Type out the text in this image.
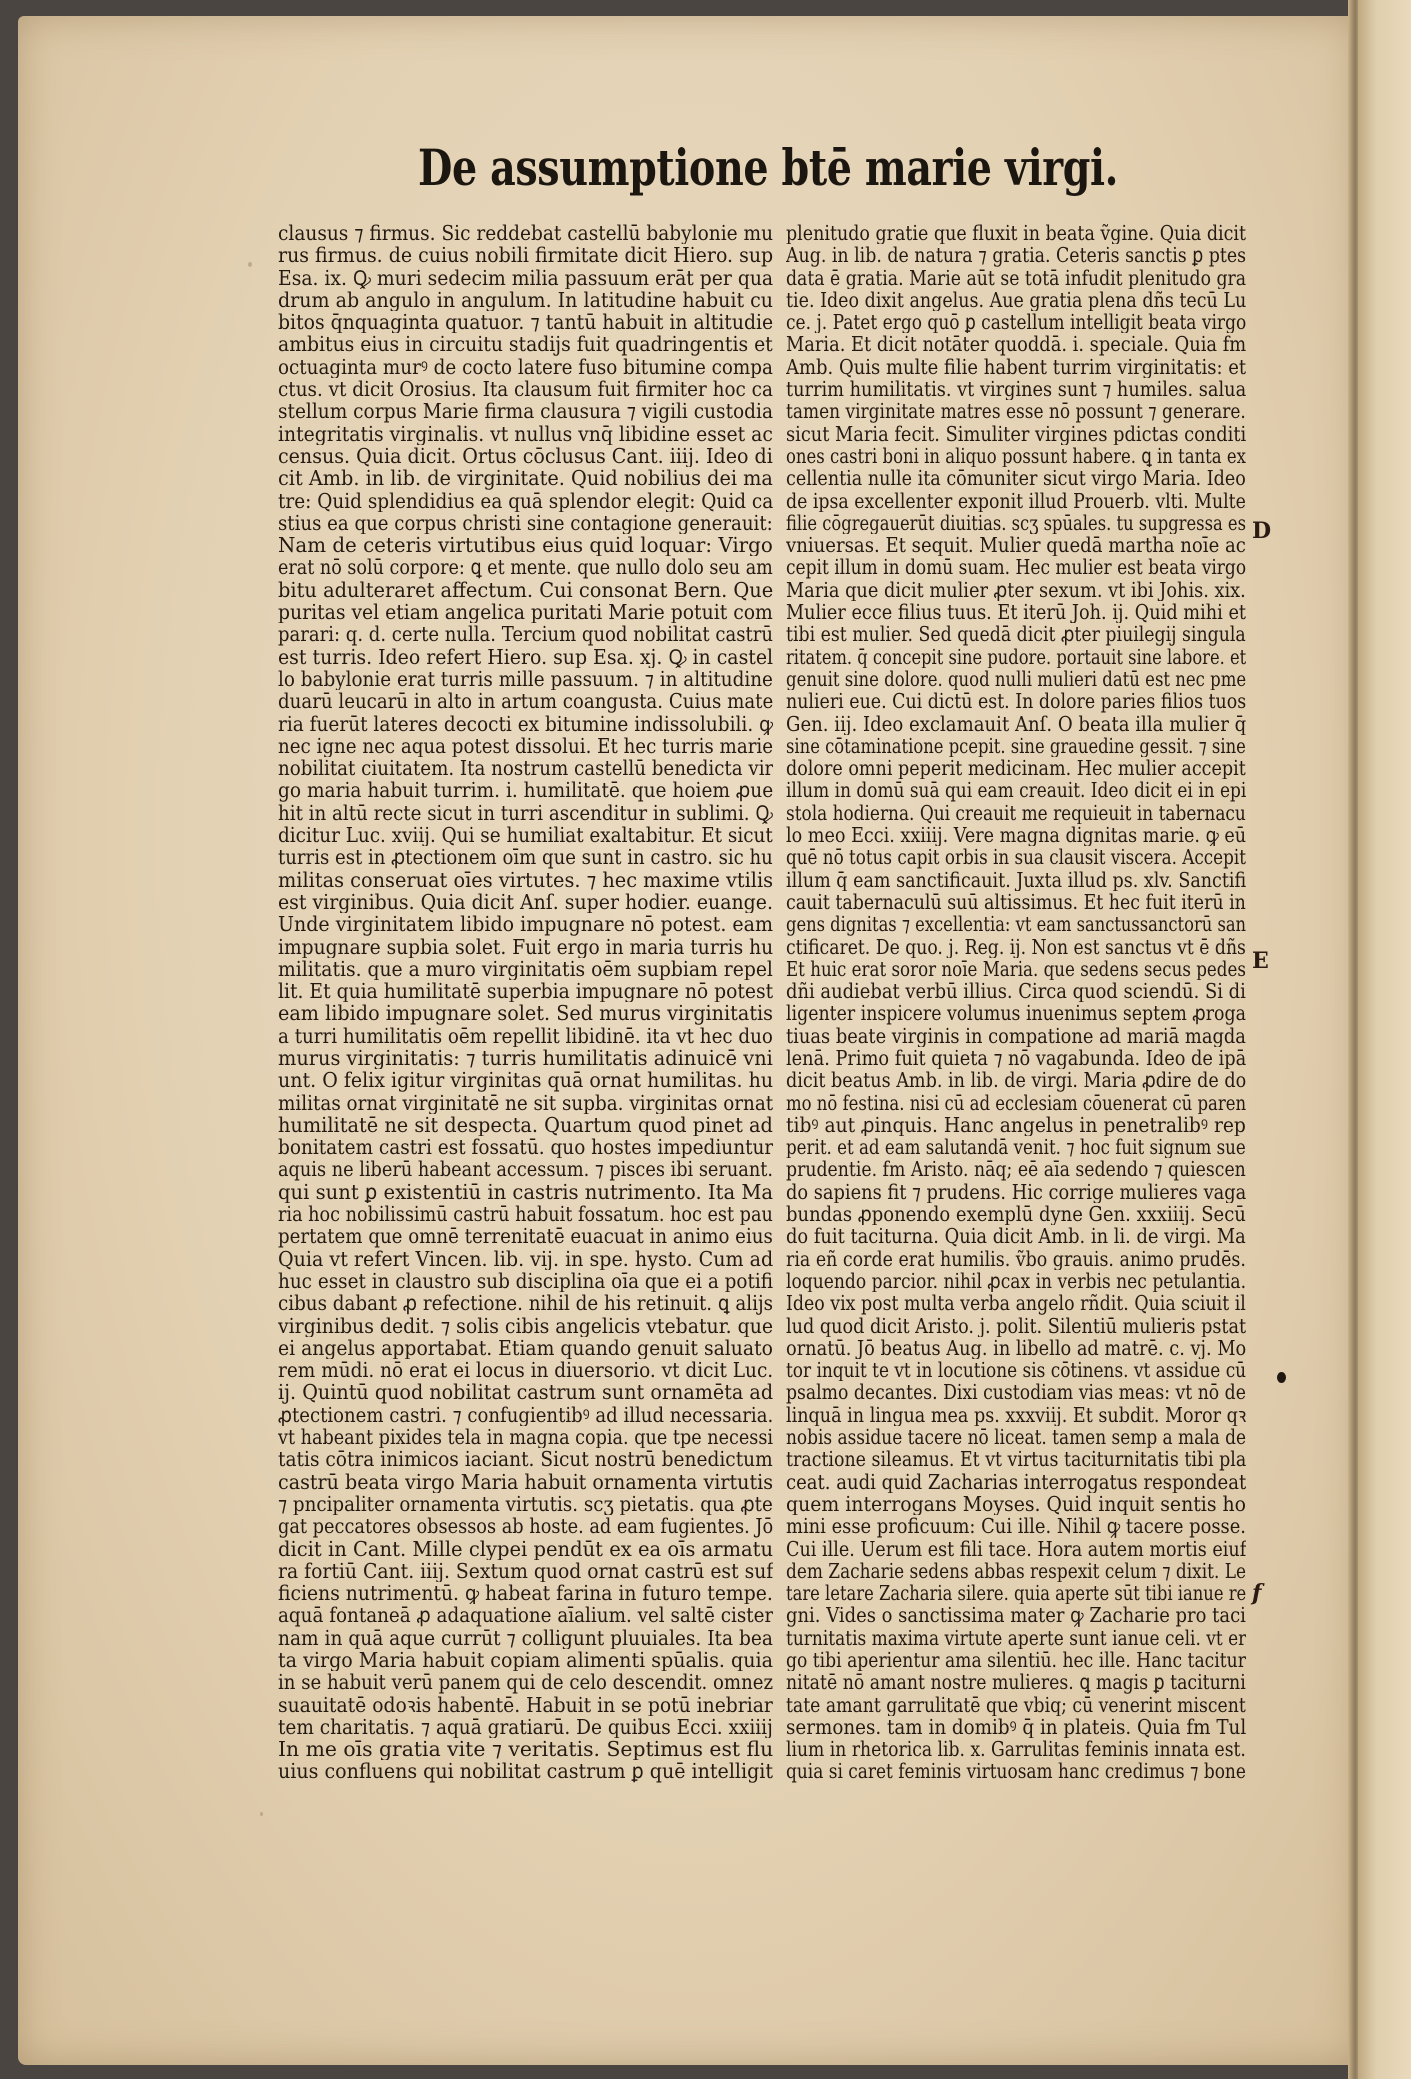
De assumptione btē marie virgi.
clausus ⁊ firmus. Sic reddebat castellū babylonie mu
rus firmus. de cuius nobili firmitate dicit Hiero. sup
Esa. ix. Ꝙ muri sedecim milia passuum erāt per qua
drum ab angulo in angulum. In latitudine habuit cu
bitos q̄nquaginta quatuor. ⁊ tantū habuit in altitudie
ambitus eius in circuitu stadijs fuit quadringentis et
octuaginta murꝰ de cocto latere fuso bitumine compa
ctus. vt dicit Orosius. Ita clausum fuit firmiter hoc ca
stellum corpus Marie firma clausura ⁊ vigili custodia
integritatis virginalis. vt nullus vnq̄ libidine esset ac
census. Quia dicit. Ortus cōclusus Cant. iiij. Ideo di
cit Amb. in lib. de virginitate. Quid nobilius dei ma
tre: Quid splendidius ea quā splendor elegit: Quid ca
stius ea que corpus christi sine contagione generauit:
Nam de ceteris virtutibus eius quid loquar: Virgo
erat nō solū corpore: ꝗ et mente. que nullo dolo seu am
bitu adulteraret affectum. Cui consonat Bern. Que
puritas vel etiam angelica puritati Marie potuit com
parari: q. d. certe nulla. Tercium quod nobilitat castrū
est turris. Ideo refert Hiero. sup Esa. xj. Ꝙ in castel
lo babylonie erat turris mille passuum. ⁊ in altitudine
duarū leucarū in alto in artum coangusta. Cuius mate
ria fuerūt lateres decocti ex bitumine indissolubili. ꝙ
nec igne nec aqua potest dissolui. Et hec turris marie
nobilitat ciuitatem. Ita nostrum castellū benedicta vir
go maria habuit turrim. i. humilitatē. que hoiem ꝓue
hit in altū recte sicut in turri ascenditur in sublimi. Ꝙ
dicitur Luc. xviij. Qui se humiliat exaltabitur. Et sicut
turris est in ꝓtectionem oīm que sunt in castro. sic hu
militas conseruat oīes virtutes. ⁊ hec maxime vtilis
est virginibus. Quia dicit Anſ. super hodier. euange.
Unde virginitatem libido impugnare nō potest. eam
impugnare supbia solet. Fuit ergo in maria turris hu
militatis. que a muro virginitatis oēm supbiam repel
lit. Et quia humilitatē superbia impugnare nō potest
eam libido impugnare solet. Sed murus virginitatis
a turri humilitatis oēm repellit libidinē. ita vt hec duo
murus virginitatis: ⁊ turris humilitatis adinuicē vni
unt. O felix igitur virginitas quā ornat humilitas. hu
militas ornat virginitatē ne sit supba. virginitas ornat
humilitatē ne sit despecta. Quartum quod pinet ad
bonitatem castri est fossatū. quo hostes impediuntur
aquis ne liberū habeant accessum. ⁊ pisces ibi seruant.
qui sunt ꝑ existentiū in castris nutrimento. Ita Ma
ria hoc nobilissimū castrū habuit fossatum. hoc est pau
pertatem que omnē terrenitatē euacuat in animo eius
Quia vt refert Vincen. lib. vij. in spe. hysto. Cum ad
huc esset in claustro sub disciplina oīa que ei a potifi
cibus dabant ꝓ refectione. nihil de his retinuit. ꝗ alijs
virginibus dedit. ⁊ solis cibis angelicis vtebatur. que
ei angelus apportabat. Etiam quando genuit saluato
rem mūdi. nō erat ei locus in diuersorio. vt dicit Luc.
ij. Quintū quod nobilitat castrum sunt ornamēta ad
ꝓtectionem castri. ⁊ confugientibꝰ ad illud necessaria.
vt habeant pixides tela in magna copia. que tpe necessi
tatis cōtra inimicos iaciant. Sicut nostrū benedictum
castrū beata virgo Maria habuit ornamenta virtutis
⁊ pncipaliter ornamenta virtutis. scʒ pietatis. qua ꝓte
gat peccatores obsessos ab hoste. ad eam fugientes. Jō
dicit in Cant. Mille clypei pendūt ex ea oīs armatu
ra fortiū Cant. iiij. Sextum quod ornat castrū est suf
ficiens nutrimentū. ꝙ habeat farina in futuro tempe.
aquā fontaneā ꝓ adaquatione aīalium. vel saltē cister
nam in quā aque currūt ⁊ colligunt pluuiales. Ita bea
ta virgo Maria habuit copiam alimenti spūalis. quia
in se habuit verū panem qui de celo descendit. omnez
suauitatē odoꝛis habentē. Habuit in se potū inebriar
tem charitatis. ⁊ aquā gratiarū. De quibus Ecci. xxiiij
In me oīs gratia vite ⁊ veritatis. Septimus est flu
uius confluens qui nobilitat castrum ꝑ quē intelligit
plenitudo gratie que fluxit in beata ṽgine. Quia dicit
Aug. in lib. de natura ⁊ gratia. Ceteris sanctis ꝑ ptes
data ē gratia. Marie aūt se totā infudit plenitudo gra
tie. Ideo dixit angelus. Aue gratia plena dñs tecū Lu
ce. j. Patet ergo quō ꝑ castellum intelligit beata virgo
Maria. Et dicit notāter quoddā. i. speciale. Quia fm
Amb. Quis multe filie habent turrim virginitatis: et
turrim humilitatis. vt virgines sunt ⁊ humiles. salua
tamen virginitate matres esse nō possunt ⁊ generare.
sicut Maria fecit. Simuliter virgines pdictas conditi
ones castri boni in aliquo possunt habere. ꝗ in tanta ex
cellentia nulle ita cōmuniter sicut virgo Maria. Ideo
de ipsa excellenter exponit illud Prouerb. vlti. Multe
filie cōgregauerūt diuitias. scʒ spūales. tu supgressa es
vniuersas. Et sequit. Mulier quedā martha noīe ac
cepit illum in domū suam. Hec mulier est beata virgo
Maria que dicit mulier ꝓter sexum. vt ibi Johis. xix.
Mulier ecce filius tuus. Et iterū Joh. ij. Quid mihi et
tibi est mulier. Sed quedā dicit ꝓter piuilegij singula
ritatem. q̄ concepit sine pudore. portauit sine labore. et
genuit sine dolore. quod nulli mulieri datū est nec pme
nulieri eue. Cui dictū est. In dolore paries filios tuos
Gen. iij. Ideo exclamauit Anſ. O beata illa mulier q̄
sine cōtaminatione pcepit. sine grauedine gessit. ⁊ sine
dolore omni peperit medicinam. Hec mulier accepit
illum in domū suā qui eam creauit. Ideo dicit ei in epi
stola hodierna. Qui creauit me requieuit in tabernacu
lo meo Ecci. xxiiij. Vere magna dignitas marie. ꝙ eū
quē nō totus capit orbis in sua clausit viscera. Accepit
illum q̄ eam sanctificauit. Juxta illud ps. xlv. Sanctifi
cauit tabernaculū suū altissimus. Et hec fuit iterū in
gens dignitas ⁊ excellentia: vt eam sanctussanctorū san
ctificaret. De quo. j. Reg. ij. Non est sanctus vt ē dñs
Et huic erat soror noīe Maria. que sedens secus pedes
dñi audiebat verbū illius. Circa quod sciendū. Si di
ligenter inspicere volumus inuenimus septem ꝓroga
tiuas beate virginis in compatione ad mariā magda
lenā. Primo fuit quieta ⁊ nō vagabunda. Ideo de ipā
dicit beatus Amb. in lib. de virgi. Maria ꝓdire de do
mo nō festina. nisi cū ad ecclesiam cōuenerat cū paren
tibꝰ aut ꝓinquis. Hanc angelus in penetralibꝰ rep
perit. et ad eam salutandā venit. ⁊ hoc fuit signum sue
prudentie. fm Aristo. nāq; eē aīa sedendo ⁊ quiescen
do sapiens fit ⁊ prudens. Hic corrige mulieres vaga
bundas ꝓponendo exemplū dyne Gen. xxxiiij. Secū
do fuit taciturna. Quia dicit Amb. in li. de virgi. Ma
ria eñ corde erat humilis. ṽbo grauis. animo prudēs.
loquendo parcior. nihil ꝓcax in verbis nec petulantia.
Ideo vix post multa verba angelo rñdit. Quia sciuit il
lud quod dicit Aristo. j. polit. Silentiū mulieris pstat
ornatū. Jō beatus Aug. in libello ad matrē. c. vj. Mo
tor inquit te vt in locutione sis cōtinens. vt assidue cū
psalmo decantes. Dixi custodiam vias meas: vt nō de
linquā in lingua mea ps. xxxviij. Et subdit. Moror qꝛ
nobis assidue tacere nō liceat. tamen semp a mala de
tractione sileamus. Et vt virtus taciturnitatis tibi pla
ceat. audi quid Zacharias interrogatus respondeat
quem interrogans Moyses. Quid inquit sentis ho
mini esse proficuum: Cui ille. Nihil ꝙ tacere posse.
Cui ille. Uerum est fili tace. Hora autem mortis eiuf
dem Zacharie sedens abbas respexit celum ⁊ dixit. Le
tare letare Zacharia silere. quia aperte sūt tibi ianue re
gni. Vides o sanctissima mater ꝙ Zacharie pro taci
turnitatis maxima virtute aperte sunt ianue celi. vt er
go tibi aperientur ama silentiū. hec ille. Hanc tacitur
nitatē nō amant nostre mulieres. ꝗ magis ꝑ taciturni
tate amant garrulitatē que vbiq; cū venerint miscent
sermones. tam in domibꝰ q̄ in plateis. Quia fm Tul
lium in rhetorica lib. x. Garrulitas feminis innata est.
quia si caret feminis virtuosam hanc credimus ⁊ bone
D
E
f
